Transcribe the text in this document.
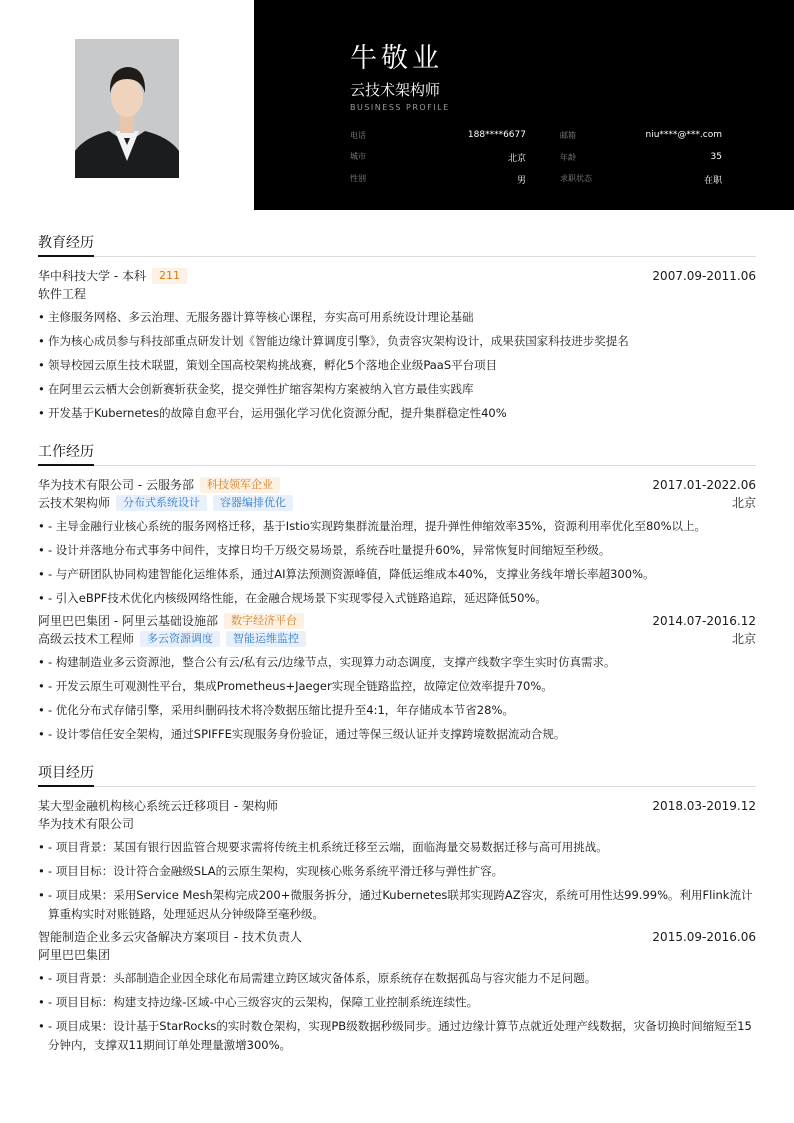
牛敬业
云技术架构师
BUSINESS PROFILE
电话	188****6677	邮箱	niu****@***.com
城市	北京	年龄	35
性别	男	求职状态	在职
教育经历
华中科技大学 - 本科	211	2007.09-2011.06
软件工程
• 主修服务网格、多云治理、无服务器计算等核心课程，夯实高可用系统设计理论基础
• 作为核心成员参与科技部重点研发计划《智能边缘计算调度引擎》，负责容灾架构设计，成果获国家科技进步奖提名
• 领导校园云原生技术联盟，策划全国高校架构挑战赛，孵化5个落地企业级PaaS平台项目
• 在阿里云云栖大会创新赛斩获金奖，提交弹性扩缩容架构方案被纳入官方最佳实践库
• 开发基于Kubernetes的故障自愈平台，运用强化学习优化资源分配，提升集群稳定性40%
工作经历
华为技术有限公司 - 云服务部	科技领军企业	2017.01-2022.06
云技术架构师	分布式系统设计	容器编排优化	北京
• - 主导金融行业核心系统的服务网格迁移，基于Istio实现跨集群流量治理，提升弹性伸缩效率35%，资源利用率优化至80%以上。
• - 设计并落地分布式事务中间件，支撑日均千万级交易场景，系统吞吐量提升60%，异常恢复时间缩短至秒级。
• - 与产研团队协同构建智能化运维体系，通过AI算法预测资源峰值，降低运维成本40%，支撑业务线年增长率超300%。
• - 引入eBPF技术优化内核级网络性能，在金融合规场景下实现零侵入式链路追踪，延迟降低50%。
阿里巴巴集团 - 阿里云基础设施部	数字经济平台	2014.07-2016.12
高级云技术工程师	多云资源调度	智能运维监控	北京
• - 构建制造业多云资源池，整合公有云/私有云/边缘节点，实现算力动态调度，支撑产线数字孪生实时仿真需求。
• - 开发云原生可观测性平台，集成Prometheus+Jaeger实现全链路监控，故障定位效率提升70%。
• - 优化分布式存储引擎，采用纠删码技术将冷数据压缩比提升至4:1，年存储成本节省28%。
• - 设计零信任安全架构，通过SPIFFE实现服务身份验证，通过等保三级认证并支撑跨境数据流动合规。
项目经历
某大型金融机构核心系统云迁移项目 - 架构师	2018.03-2019.12
华为技术有限公司
• - 项目背景：某国有银行因监管合规要求需将传统主机系统迁移至云端，面临海量交易数据迁移与高可用挑战。
• - 项目目标：设计符合金融级SLA的云原生架构，实现核心账务系统平滑迁移与弹性扩容。
• - 项目成果：采用Service Mesh架构完成200+微服务拆分，通过Kubernetes联邦实现跨AZ容灾，系统可用性达99.99%。利用Flink流计算重构实时对账链路，处理延迟从分钟级降至毫秒级。
智能制造企业多云灾备解决方案项目 - 技术负责人	2015.09-2016.06
阿里巴巴集团
• - 项目背景：头部制造企业因全球化布局需建立跨区域灾备体系，原系统存在数据孤岛与容灾能力不足问题。
• - 项目目标：构建支持边缘-区域-中心三级容灾的云架构，保障工业控制系统连续性。
• - 项目成果：设计基于StarRocks的实时数仓架构，实现PB级数据秒级同步。通过边缘计算节点就近处理产线数据，灾备切换时间缩短至15分钟内，支撑双11期间订单处理量激增300%。
